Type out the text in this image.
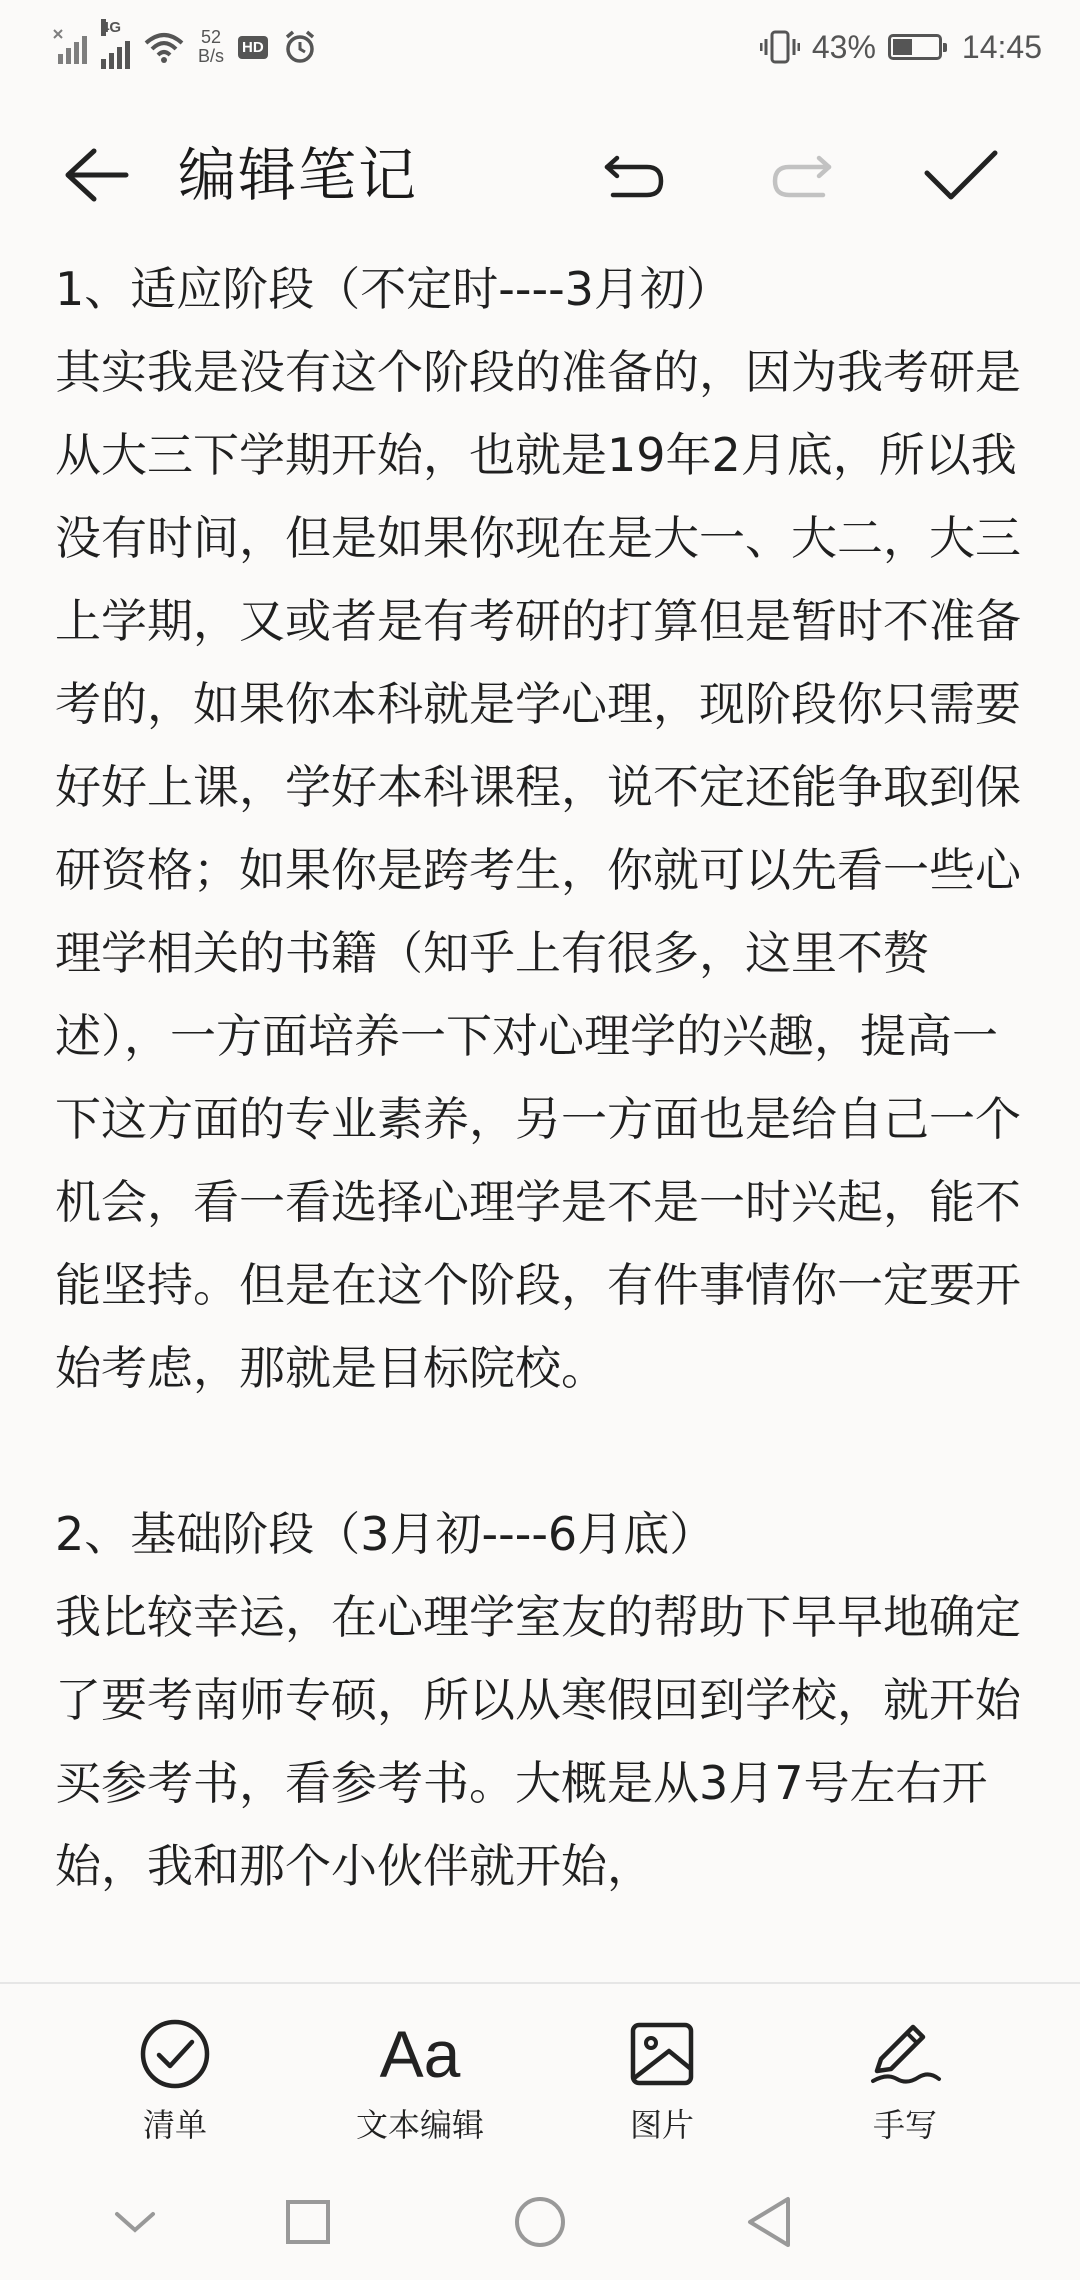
4G	52
B/s HD	43%	14:45
编辑笔记

1、适应阶段（不定时----3月初）

其实我是没有这个阶段的准备的，因为我考研是从大三下学期开始，也就是19年2月底，所以我没有时间，但是如果你现在是大一、大二，大三上学期，又或者是有考研的打算但是暂时不准备考的，如果你本科就是学心理，现阶段你只需要好好上课，学好本科课程，说不定还能争取到保研资格；如果你是跨考生，你就可以先看一些心理学相关的书籍（知乎上有很多，这里不赘述），一方面培养一下对心理学的兴趣，提高一下这方面的专业素养，另一方面也是给自己一个机会，看一看选择心理学是不是一时兴起，能不能坚持。但是在这个阶段，有件事情你一定要开始考虑，那就是目标院校。

2、基础阶段（3月初----6月底）

我比较幸运，在心理学室友的帮助下早早地确定了要考南师专硕，所以从寒假回到学校，就开始买参考书，看参考书。大概是从3月7号左右开始，我和那个小伙伴就开始，

清单
Aa
文本编辑	图片	手写
